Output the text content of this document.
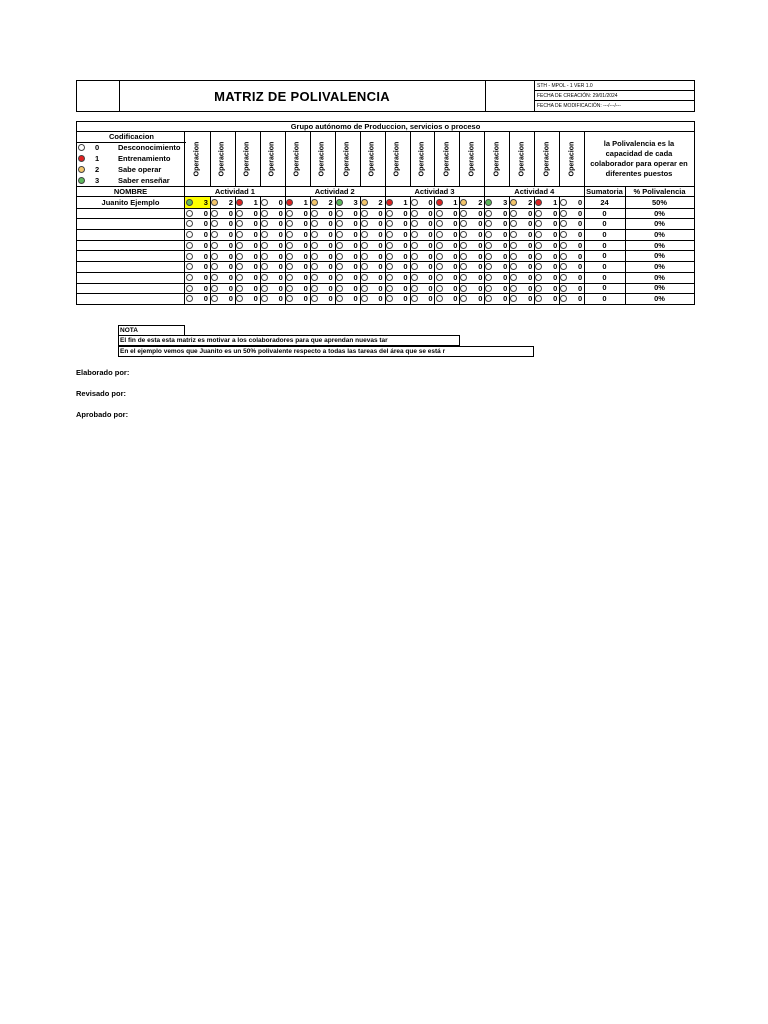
MATRIZ DE POLIVALENCIA
STH - MPOL - 1 VER 1.0
FECHA DE CREACIÓN: 29/01/2024
FECHA DE MODIFICACIÓN: ---/---/---
Grupo autónomo de Produccion, servicios o proceso
Codificacion
0	Desconocimiento
1	Entrenamiento
2	Sabe operar
3	Saber enseñar
la Polivalencia es la capacidad de cada colaborador para operar en diferentes puestos
Operacion	Operacion	Operacion	Operacion	Operacion	Operacion	Operacion	Operacion	Operacion	Operacion	Operacion	Operacion	Operacion	Operacion	Operacion	Operacion
NOMBRE	Actividad 1	Actividad 2	Actividad 3	Actividad 4	Sumatoria	% Polivalencia
Juanito Ejemplo	3	2	1	0	1	2	3	2	1	0	1	2	3	2	1	0	24	50%
0	0	0	0	0	0	0	0	0	0	0	0	0	0	0	0	0	0%
0	0	0	0	0	0	0	0	0	0	0	0	0	0	0	0	0	0%
0	0	0	0	0	0	0	0	0	0	0	0	0	0	0	0	0	0%
0	0	0	0	0	0	0	0	0	0	0	0	0	0	0	0	0	0%
0	0	0	0	0	0	0	0	0	0	0	0	0	0	0	0	0	0%
0	0	0	0	0	0	0	0	0	0	0	0	0	0	0	0	0	0%
0	0	0	0	0	0	0	0	0	0	0	0	0	0	0	0	0	0%
0	0	0	0	0	0	0	0	0	0	0	0	0	0	0	0	0	0%
0	0	0	0	0	0	0	0	0	0	0	0	0	0	0	0	0	0%
NOTA
El fin de esta esta matriz es motivar a los colaboradores para que aprendan nuevas tar
En el ejemplo vemos que Juanito es un 50% polivalente respecto a todas las tareas del área que se está r
Elaborado por:
Revisado por:
Aprobado por:
